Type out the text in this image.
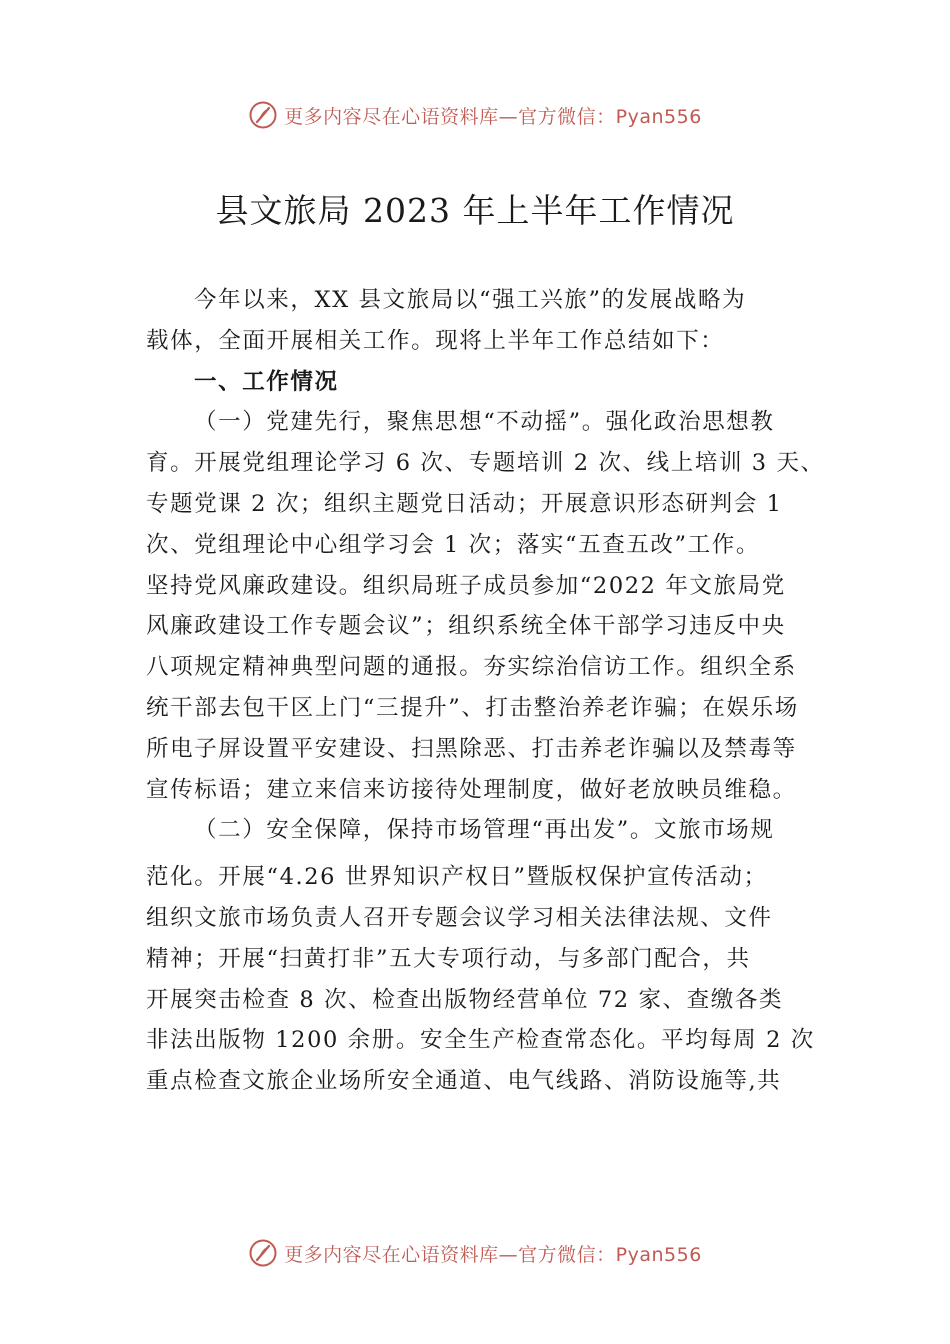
更多内容尽在心语资料库—官方微信：Pyan556
县文旅局 2023 年上半年工作情况
今年以来，XX 县文旅局以“强工兴旅”的发展战略为
载体，全面开展相关工作。现将上半年工作总结如下：
一、工作情况
（一）党建先行，聚焦思想“不动摇”。强化政治思想教
育。开展党组理论学习 6 次、专题培训 2 次、线上培训 3 天、
专题党课 2 次；组织主题党日活动；开展意识形态研判会 1
次、党组理论中心组学习会 1 次；落实“五查五改”工作。
坚持党风廉政建设。组织局班子成员参加“2022 年文旅局党
风廉政建设工作专题会议”；组织系统全体干部学习违反中央
八项规定精神典型问题的通报。夯实综治信访工作。组织全系
统干部去包干区上门“三提升”、打击整治养老诈骗；在娱乐场
所电子屏设置平安建设、扫黑除恶、打击养老诈骗以及禁毒等
宣传标语；建立来信来访接待处理制度，做好老放映员维稳。
（二）安全保障，保持市场管理“再出发”。文旅市场规
范化。开展“4.26 世界知识产权日”暨版权保护宣传活动；
组织文旅市场负责人召开专题会议学习相关法律法规、文件
精神；开展“扫黄打非”五大专项行动，与多部门配合，共
开展突击检查 8 次、检查出版物经营单位 72 家、查缴各类
非法出版物 1200 余册。安全生产检查常态化。平均每周 2 次
重点检查文旅企业场所安全通道、电气线路、消防设施等,共
更多内容尽在心语资料库—官方微信：Pyan556
